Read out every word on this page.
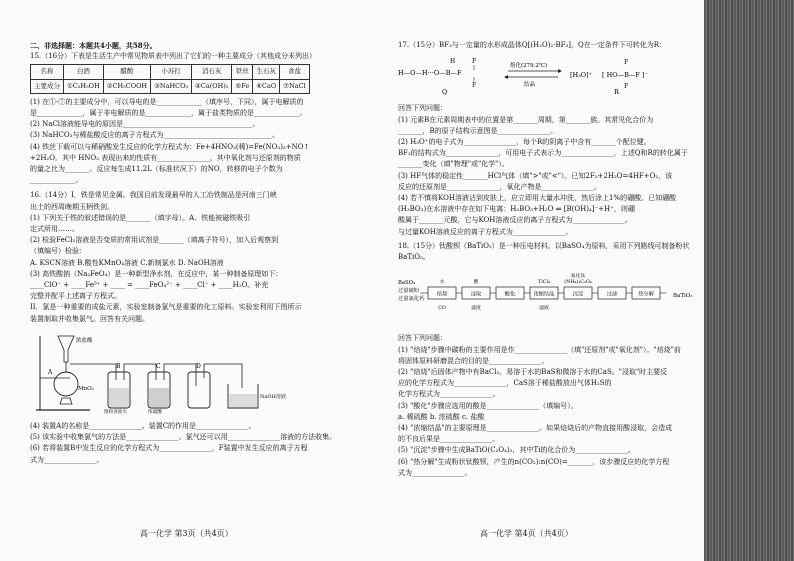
二、非选择题：本题共4小题，共58分。
15.（16分）下表是生活生产中常见物质表中列出了它们的一种主要成分（其他成分未列出）
名称	白酒	醋酸	小苏打	消石灰	铁丝	生石灰	食盐
主要成分	①C₂H₅OH	②CH₃COOH	③NaHCO₃	④Ca(OH)₂	⑤Fe	⑥CaO	⑦NaCl
(1) 在①-⑦的主要成分中，可以导电的是_____________（填序号，下同），属于电解质的
是_____________，属于非电解质的是_____________，属于盐类物质的是_____________。
(2) NaCl溶液能导电的原因是_____________________________________。
(3) NaHCO₃与稀盐酸反应的离子方程式为_______________________________。
(4) 铁丝下载可以与稀硝酸发生反应的化学方程式为：Fe+4HNO₃(稀)=Fe(NO₃)₃+NO↑
+2H₂O。其中 HNO₃ 表现出来的性质有_______________，其中氧化剂与还原剂的物质
的量之比为_______。反应每生成11.2L（标准状况下）的NO，转移的电子个数为
_____________。
16.（14分）I．铁是常见金属。我国目前发现最早的人工冶铁制品是河南三门峡
出土的西周晚期玉柄铁剑。
(1) 下列关于铁的叙述错误的是_______（填字母）。A．铁能被磁铁吸引
定式所用……。
(2) 检验FeCl₂溶液是否变质的常用试剂是_______（填离子符号），加入后观察到
（填编号）检验：
A. KSCN溶液 B.酸性KMnO₄溶液 C.新制氯水 D. NaOH溶液
(3) 高铁酸钠（Na₂FeO₄）是一种新型净水剂，在反应中，某一种制备原理如下：
____ClO⁻ + ____Fe³⁺ + ____ = ____FeO₄²⁻ + ____Cl⁻ + ____H₂O。补充
完整并配平上述离子方程式。
II．氯是一种重要的成盐元素，实验室制备氯气是重要的化工原料。实验室利用下图所示
装置制取并收集氯气。回答有关问题。
浓盐酸
MnO₂
A
B
饱和食盐水
C
浓硫酸
D
NaOH溶液
(4) 装置A的名称是_______________。装置C的作用是_______________。
(5) 该实验中收集氯气的方法是_______________。氯气还可以用_______________溶液的方法收集。
(6) 若将装置B中发生反应的化学方程式为_______________，F装置中发生反应的离子方程
式为_______________。
高一化学 第3页（共4页）
17.（15分）BF₃与一定量的水形成晶体Q[(H₂O)₂·BF₃]，Q在一定条件下可转化为R：
H—O—H···O—B—F
H	F
F
Q
熔化(279.2℃)
结晶
[H₃O]⁺ [ HO—B—F ]⁻
F
F
R
回答下列问题：
(1) 元素B在元素周期表中的位置是第_______周期，第_______族。其常见化合价为
_______，B的原子结构示意图是_______________。
(2) H₃O⁺的电子式为_______________，每个R的阴离子中含有_______个配位键。
BF₃的结构式为_______________，可用电子式表示为_______________，上述Q和R的转化属于
_______变化（填"物理"或"化学"）。
(3) HF气体的稳定性_______HCl气体（填">"或"<"）。已知2F₂+2H₂O=4HF+O₂，该
反应的还原剂是_______________，氧化产物是_______________。
(4) 若不慎将KOH溶液沾到皮肤上，应立即用大量水冲洗，然后涂上1%的硼酸。已知硼酸
(H₃BO₃)在水溶液中存在如下电离：H₃BO₃+H₂O ⇌ [B(OH)₄]⁻+H⁺，则硼
酸属于_______元酸，它与KOH溶液反应的离子方程式为_______________。
与过量KOH溶液反应的离子方程式为_______________。
18.（15分）钛酸钡（BaTiO₃）是一种压电材料。以BaSO₄为原料，采用下列路线可制备粉状
BaTiO₃。
BaSO₄
过量碳粉
过量氯化钙
焙烧
水
CO
浸取
酸
滤渣
酸化	浓缩结晶
TiCl₄
滤液
沉淀
氨化钛
(NH₄)₂C₂O₄
过滤	热分解	BaTiO₃
回答下列问题：
(1) "焙烧"步骤中碳粉的主要作用是作_______________（填"还原剂"或"氧化剂"）。"焙烧"前
将固体原料研磨混合的目的是_______________。
(2) "焙烧"后固体产物中有BaCl₂、易溶于水的BaS和微溶于水的CaS。"浸取"时主要反
应的化学方程式为_______________，CaS溶于稀盐酸放出气体H₂S的
化学方程式为_______________。
(3) "酸化"步骤应选用的酸是_______________（填编号）。
a. 稀硫酸 b. 浓硫酸 c. 盐酸
(4) "浓缩结晶"的主要原理是_______________。如果焙烧后的产物直接用酸浸取，会造成
的不良后果是_______________。
(5) "沉淀"步骤中生成BaTiO(C₂O₄)₂，其中Ti的化合价为_______________。
(6) "热分解"生成粉状钛酸钡，产生的n(CO₂):n(CO)=_______，该步骤反应的化学方程
式为_______________。
高一化学 第4页（共4页）
